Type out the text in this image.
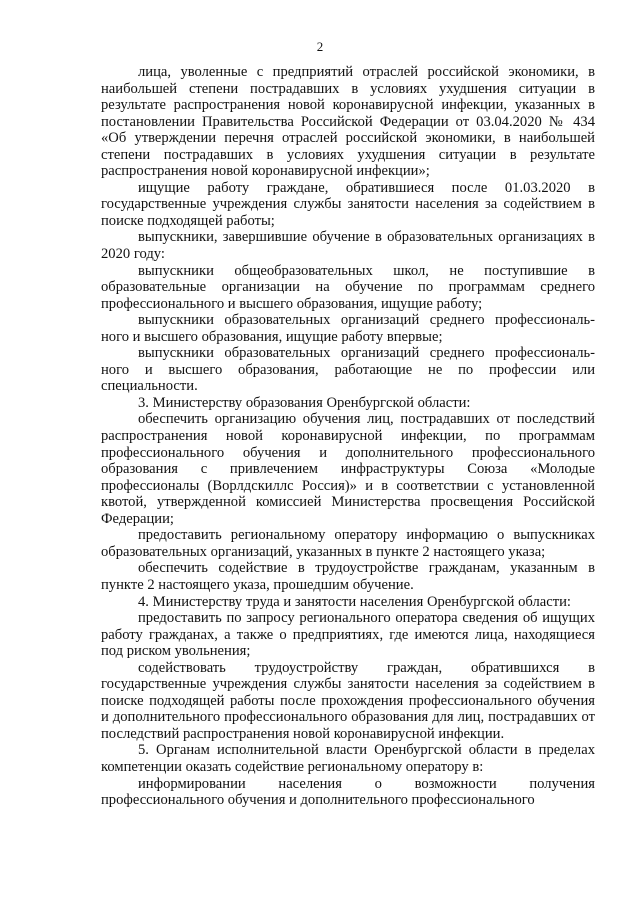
2

лица, уволенные с предприятий отраслей российской экономики, в наибольшей степени пострадавших в условиях ухудшения ситуации в результате распространения новой коронавирусной инфекции, указанных в постановлении Правительства Российской Федерации от 03.04.2020 № 434 «Об утверждении перечня отраслей российской экономики, в наибольшей степени пострадавших в условиях ухудшения ситуации в результате распространения новой коронавирусной инфекции»;

ищущие работу граждане, обратившиеся после 01.03.2020 в государственные учреждения службы занятости населения за содействием в поиске подходящей работы;

выпускники, завершившие обучение в образовательных организациях в 2020 году:

выпускники общеобразовательных школ, не поступившие в образовательные организации на обучение по программам среднего профессионального и высшего образования, ищущие работу;

выпускники образовательных организаций среднего профессиональ-ного и высшего образования, ищущие работу впервые;

выпускники образовательных организаций среднего профессиональ-ного и высшего образования, работающие не по профессии или специальности.

3. Министерству образования Оренбургской области:

обеспечить организацию обучения лиц, пострадавших от последствий распространения новой коронавирусной инфекции, по программам профессионального обучения и дополнительного профессионального образования с привлечением инфраструктуры Союза «Молодые профессионалы (Ворлдскиллс Россия)» и в соответствии с установленной квотой, утвержденной комиссией Министерства просвещения Российской Федерации;

предоставить региональному оператору информацию о выпускниках образовательных организаций, указанных в пункте 2 настоящего указа;

обеспечить содействие в трудоустройстве гражданам, указанным в пункте 2 настоящего указа, прошедшим обучение.

4. Министерству труда и занятости населения Оренбургской области:

предоставить по запросу регионального оператора сведения об ищущих работу гражданах, а также о предприятиях, где имеются лица, находящиеся под риском увольнения;

содействовать трудоустройству граждан, обратившихся в государственные учреждения службы занятости населения за содействием в поиске подходящей работы после прохождения профессионального обучения и дополнительного профессионального образования для лиц, пострадавших от последствий распространения новой коронавирусной инфекции.

5. Органам исполнительной власти Оренбургской области в пределах компетенции оказать содействие региональному оператору в:

информировании населения о возможности получения профессионального обучения и дополнительного профессионального
